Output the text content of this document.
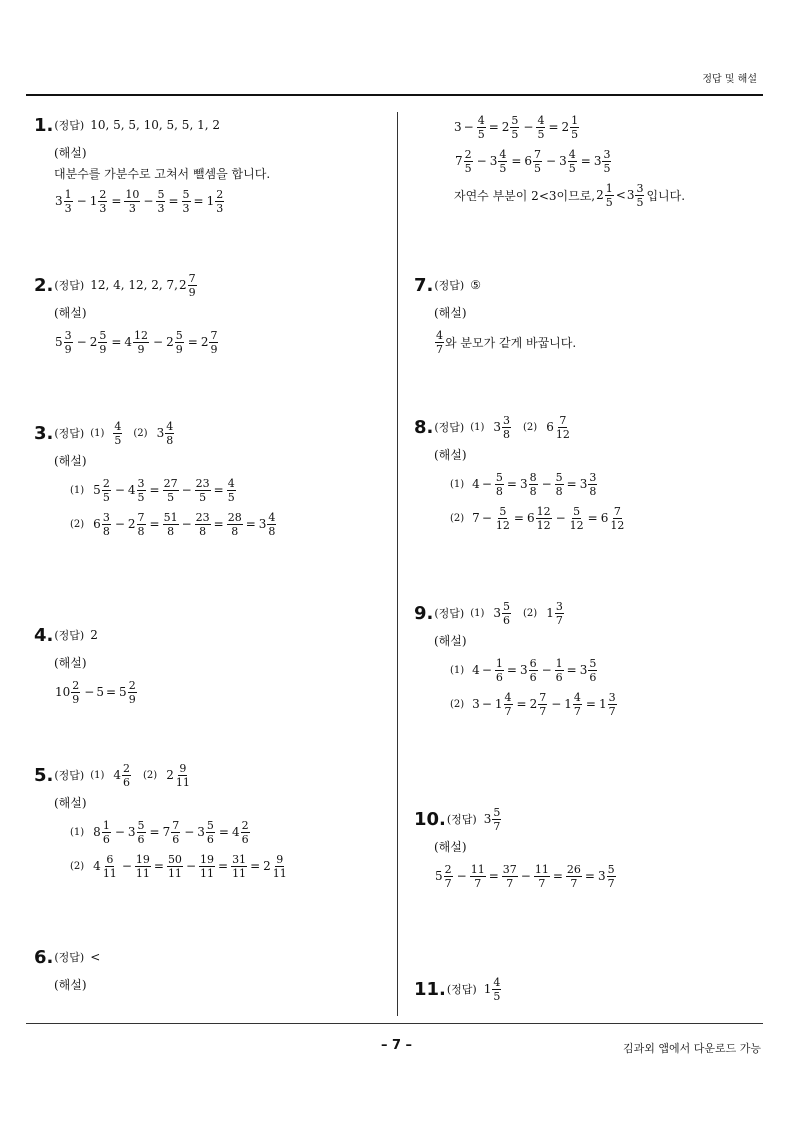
정답 및 해설
– 7 –	김과외 앱에서 다운로드 가능
1. (정답) 10, 5, 5, 10, 5, 5, 1, 2
(해설)
대분수를 가분수로 고쳐서 뺄셈을 합니다.
$3 \frac{1}{3} - 1 \frac{2}{3} = \frac{10}{3} - \frac{5}{3} = \frac{5}{3} = 1 \frac{2}{3}$
2. (정답) 12, 4, 12, 2, 7, $2 \frac{7}{9}$
(해설)
$5 \frac{3}{9} - 2 \frac{5}{9} = 4 \frac{12}{9} - 2 \frac{5}{9} = 2 \frac{7}{9}$
3. (정답) $(1) \frac{4}{5} (2)$ $3 \frac{4}{8}$
(해설)
(1) $5 \frac{2}{5} - 4 \frac{3}{5} = \frac{27}{5} - \frac{23}{5} = \frac{4}{5}$
(2) $6 \frac{3}{8} - 2 \frac{7}{8} = \frac{51}{8} - \frac{23}{8} = \frac{28}{8} = 3 \frac{4}{8}$
4. (정답) 2
(해설)
$10 \frac{2}{9} - 5 = 5 \frac{2}{9}$
5. (정답) (1) $4 \frac{2}{6} (2)$ $2 \frac{9}{11}$
(해설)
(1) $8 \frac{1}{6} - 3 \frac{5}{6} = 7 \frac{7}{6} - 3 \frac{5}{6} = 4 \frac{2}{6}$
(2) $4 \frac{6}{11} - \frac{19}{11} = \frac{50}{11} - \frac{19}{11} = \frac{31}{11} = 2 \frac{9}{11}$
6. (정답) <
(해설)
$3 - \frac{4}{5} = 2 \frac{5}{5} - \frac{4}{5} = 2 \frac{1}{5}$
$7 \frac{2}{5} - 3 \frac{4}{5} = 6 \frac{7}{5} - 3 \frac{4}{5} = 3 \frac{3}{5}$
자연수 부분이 2<3이므로, $2 \frac{1}{5} < 3 \frac{3}{5}$ 입니다.
7. (정답) ⑤
(해설)
$\frac{4}{7}$ 와 분모가 같게 바꿉니다.
8. (정답) (1) $3 \frac{3}{8} (2)$ $6 \frac{7}{12}$
(해설)
(1) $4 - \frac{5}{8} = 3 \frac{8}{8} - \frac{5}{8} = 3 \frac{3}{8}$
(2) $7 - \frac{5}{12} = 6 \frac{12}{12} - \frac{5}{12} = 6 \frac{7}{12}$
9. (정답) (1) $3 \frac{5}{6} (2)$ $1 \frac{3}{7}$
(해설)
(1) $4 - \frac{1}{6} = 3 \frac{6}{6} - \frac{1}{6} = 3 \frac{5}{6}$
(2) $3 - 1 \frac{4}{7} = 2 \frac{7}{7} - 1 \frac{4}{7} = 1 \frac{3}{7}$
10. (정답) $3 \frac{5}{7}$
(해설)
$5 \frac{2}{7} - \frac{11}{7} = \frac{37}{7} - \frac{11}{7} = \frac{26}{7} = 3 \frac{5}{7}$
11. (정답) $1 \frac{4}{5}$
